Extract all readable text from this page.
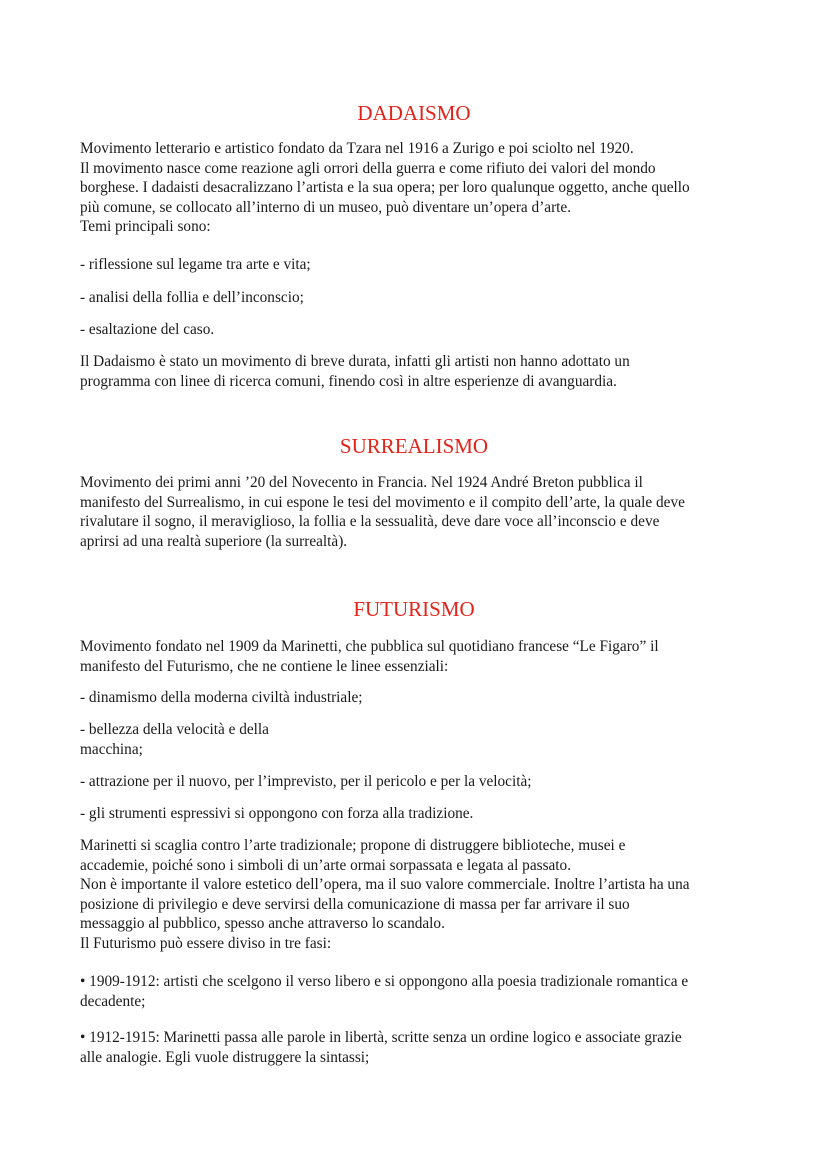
DADAISMO

Movimento letterario e artistico fondato da Tzara nel 1916 a Zurigo e poi sciolto nel 1920.
Il movimento nasce come reazione agli orrori della guerra e come rifiuto dei valori del mondo
borghese. I dadaisti desacralizzano l’artista e la sua opera; per loro qualunque oggetto, anche quello
più comune, se collocato all’interno di un museo, può diventare un’opera d’arte.
Temi principali sono:

- riflessione sul legame tra arte e vita;

- analisi della follia e dell’inconscio;

- esaltazione del caso.

Il Dadaismo è stato un movimento di breve durata, infatti gli artisti non hanno adottato un
programma con linee di ricerca comuni, finendo così in altre esperienze di avanguardia.

SURREALISMO

Movimento dei primi anni ’20 del Novecento in Francia. Nel 1924 André Breton pubblica il
manifesto del Surrealismo, in cui espone le tesi del movimento e il compito dell’arte, la quale deve
rivalutare il sogno, il meraviglioso, la follia e la sessualità, deve dare voce all’inconscio e deve
aprirsi ad una realtà superiore (la surrealtà).

FUTURISMO

Movimento fondato nel 1909 da Marinetti, che pubblica sul quotidiano francese “Le Figaro” il
manifesto del Futurismo, che ne contiene le linee essenziali:

- dinamismo della moderna civiltà industriale;

- bellezza della velocità e della
macchina;

- attrazione per il nuovo, per l’imprevisto, per il pericolo e per la velocità;

- gli strumenti espressivi si oppongono con forza alla tradizione.

Marinetti si scaglia contro l’arte tradizionale; propone di distruggere biblioteche, musei e
accademie, poiché sono i simboli di un’arte ormai sorpassata e legata al passato.
Non è importante il valore estetico dell’opera, ma il suo valore commerciale. Inoltre l’artista ha una
posizione di privilegio e deve servirsi della comunicazione di massa per far arrivare il suo
messaggio al pubblico, spesso anche attraverso lo scandalo.
Il Futurismo può essere diviso in tre fasi:

• 1909-1912: artisti che scelgono il verso libero e si oppongono alla poesia tradizionale romantica e
decadente;

• 1912-1915: Marinetti passa alle parole in libertà, scritte senza un ordine logico e associate grazie
alle analogie. Egli vuole distruggere la sintassi;
